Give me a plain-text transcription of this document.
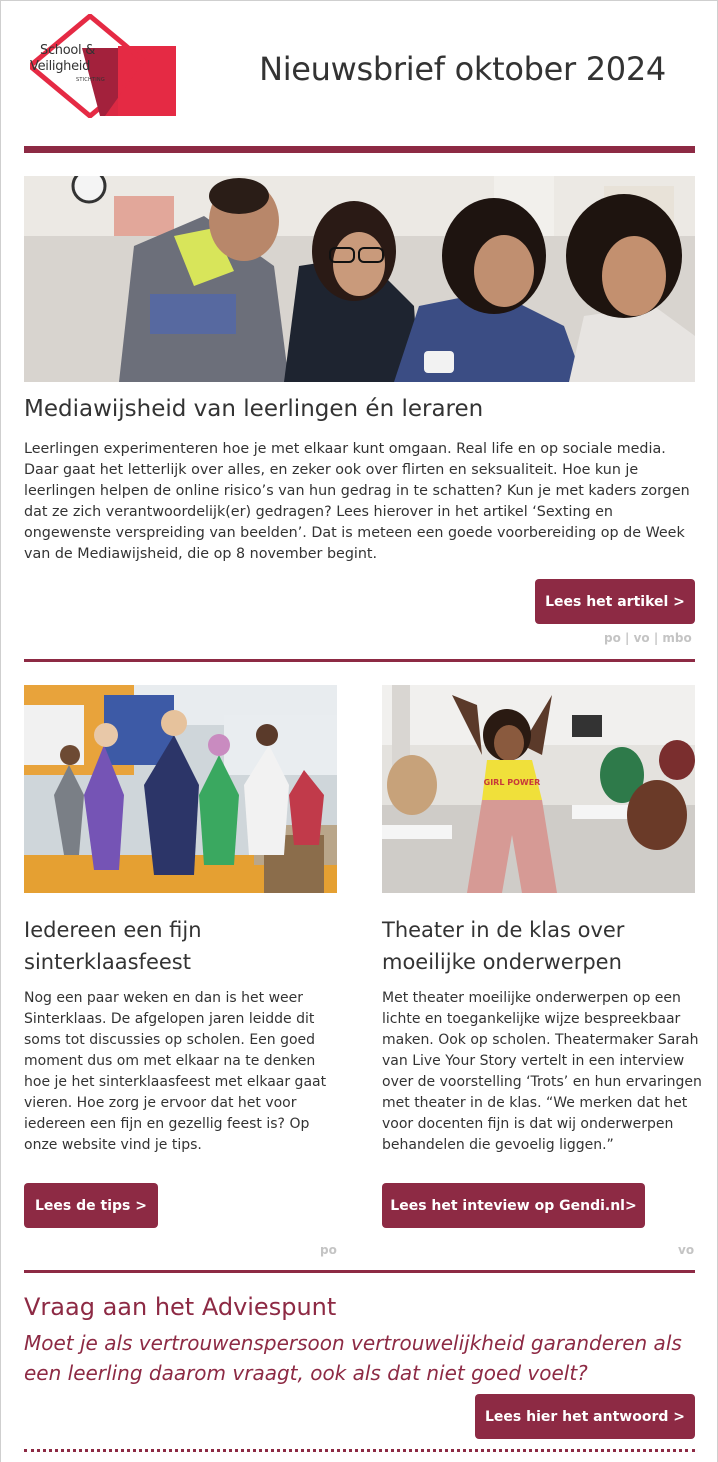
School &
Veiligheid
STICHTING	Nieuwsbrief oktober 2024
Mediawijsheid van leerlingen én leraren
Leerlingen experimenteren hoe je met elkaar kunt omgaan. Real life en op sociale media. Daar gaat het letterlijk over alles, en zeker ook over flirten en seksualiteit. Hoe kun je leerlingen helpen de online risico’s van hun gedrag in te schatten? Kun je met kaders zorgen dat ze zich verantwoordelijk(er) gedragen? Lees hierover in het artikel ‘Sexting en ongewenste verspreiding van beelden’. Dat is meteen een goede voorbereiding op de Week van de Mediawijsheid, die op 8 november begint.
Lees het artikel >
po | vo | mbo
GIRL POWER
Iedereen een fijn sinterklaasfeest
Nog een paar weken en dan is het weer Sinterklaas. De afgelopen jaren leidde dit soms tot discussies op scholen. Een goed moment dus om met elkaar na te denken hoe je het sinterklaasfeest met elkaar gaat vieren. Hoe zorg je ervoor dat het voor iedereen een fijn en gezellig feest is? Op onze website vind je tips.
Lees de tips >
po
Theater in de klas over moeilijke onderwerpen
Met theater moeilijke onderwerpen op een lichte en toegankelijke wijze bespreekbaar maken. Ook op scholen. Theatermaker Sarah van Live Your Story vertelt in een interview over de voorstelling ‘Trots’ en hun ervaringen met theater in de klas. “We merken dat het voor docenten fijn is dat wij onderwerpen behandelen die gevoelig liggen.”
Lees het inteview op Gendi.nl>
vo
Vraag aan het Adviespunt
Moet je als vertrouwenspersoon vertrouwelijkheid garanderen als een leerling daarom vraagt, ook als dat niet goed voelt?
Lees hier het antwoord >
